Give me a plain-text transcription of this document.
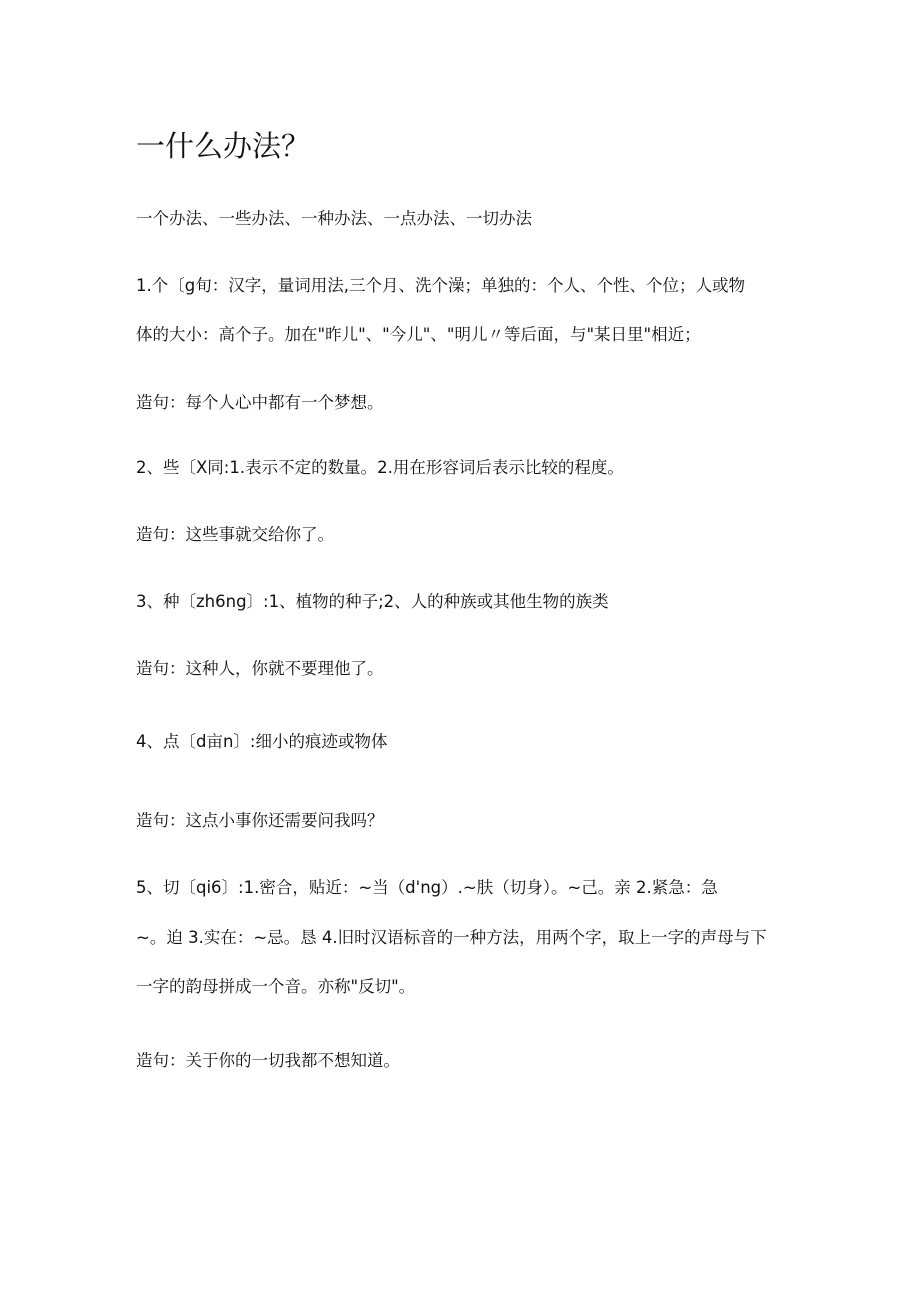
一什么办法？
一个办法、一些办法、一种办法、一点办法、一切办法
1.个〔g旬：汉字，量词用法,三个月、洗个澡；单独的：个人、个性、个位；人或物
体的大小：高个子。加在"昨儿"、"今儿"、"明儿〃等后面，与"某日里"相近；
造句：每个人心中都有一个梦想。
2、些〔X同:1.表示不定的数量。2.用在形容词后表示比较的程度。
造句：这些事就交给你了。
3、种〔zh6ng〕:1、植物的种子;2、人的种族或其他生物的族类
造句：这种人，你就不要理他了。
4、点〔d亩n〕:细小的痕迹或物体
造句：这点小事你还需要问我吗？
5、切〔qi6〕:1.密合，贴近：~当（d'ng）.~肤（切身）。~己。亲 2.紧急：急
~。迫 3.实在：~忌。恳 4.旧时汉语标音的一种方法，用两个字，取上一字的声母与下
一字的韵母拼成一个音。亦称"反切"。
造句：关于你的一切我都不想知道。
